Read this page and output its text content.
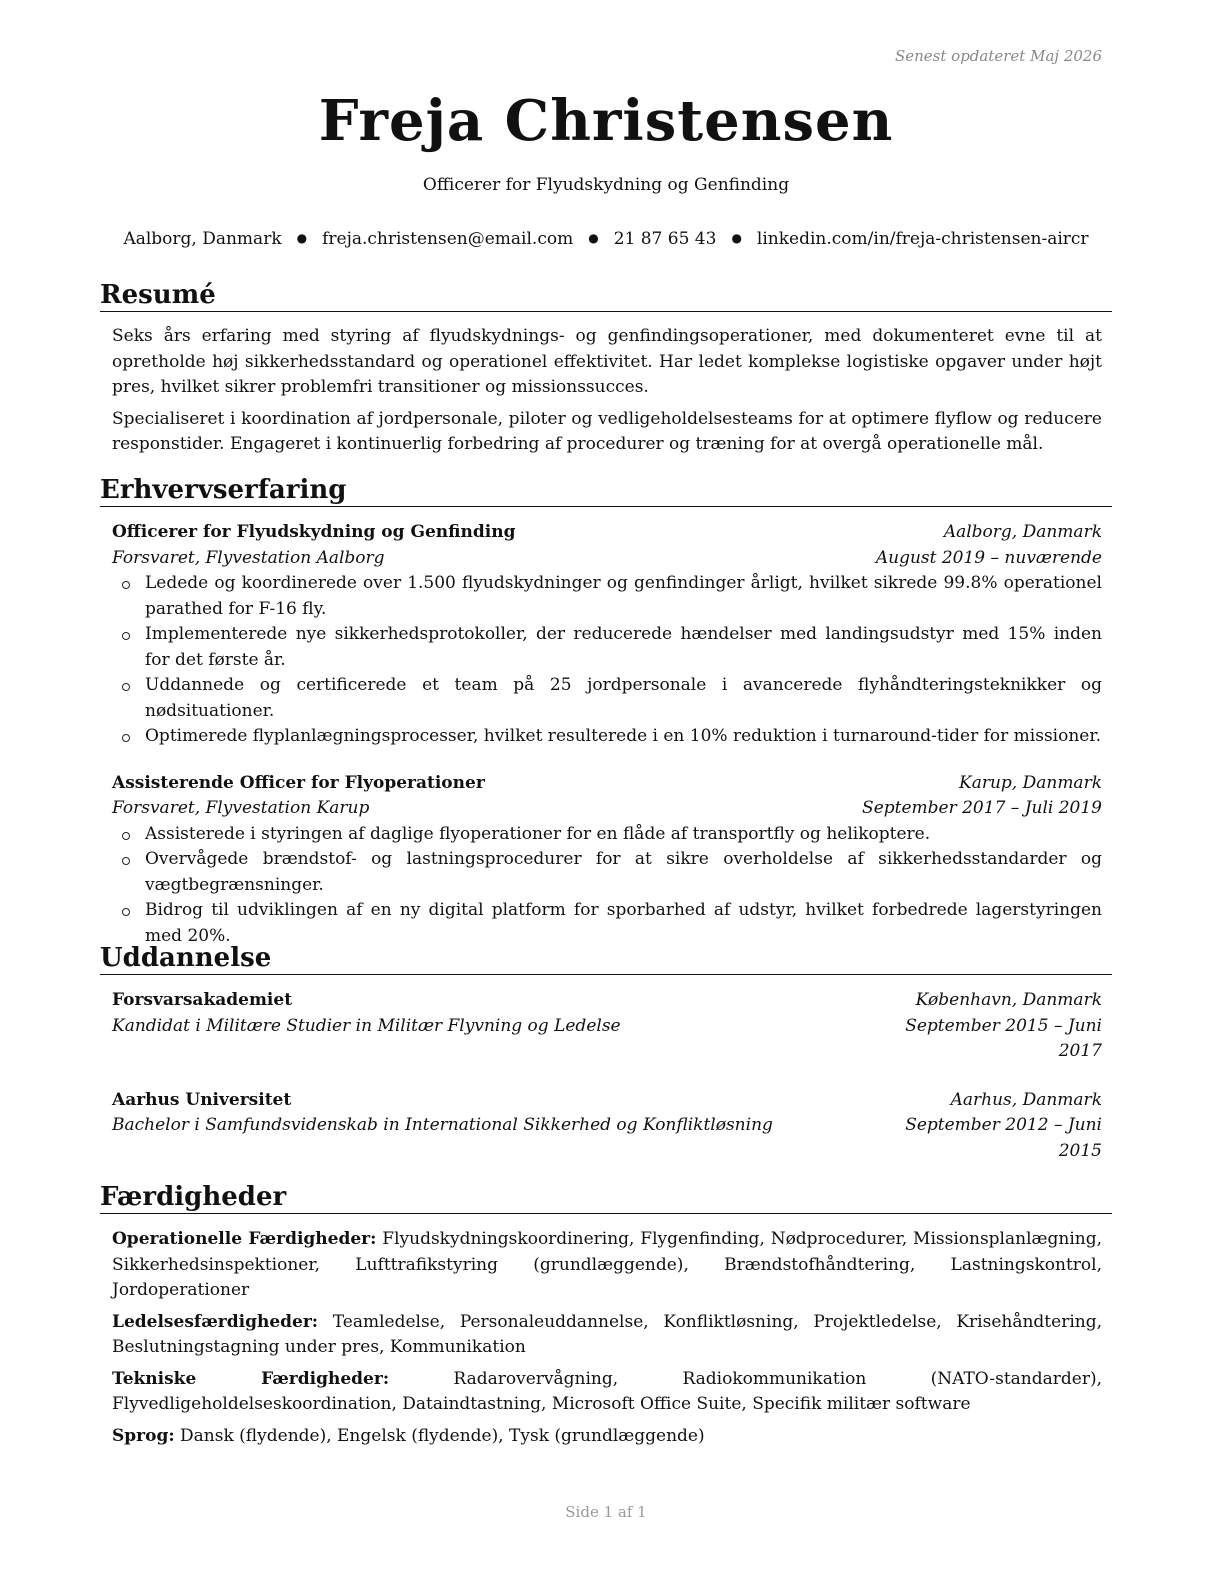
Senest opdateret Maj 2026
Freja Christensen
Officerer for Flyudskydning og Genfinding
Aalborg, Danmark ● freja.christensen@email.com ● 21 87 65 43 ● linkedin.com/in/freja-christensen-aircr
Resumé

Seks års erfaring med styring af flyudskydnings- og genfindingsoperationer, med dokumenteret evne til at opretholde høj sikkerhedsstandard og operationel effektivitet. Har ledet komplekse logistiske opgaver under højt pres, hvilket sikrer problemfri transitioner og missionssucces.

Specialiseret i koordination af jordpersonale, piloter og vedligeholdelsesteams for at optimere flyflow og reducere responstider. Engageret i kontinuerlig forbedring af procedurer og træning for at overgå operationelle mål.

Erhvervserfaring
Officerer for Flyudskydning og Genfinding	Aalborg, Danmark
Forsvaret, Flyvestation Aalborg	August 2019 – nuværende
Ledede og koordinerede over 1.500 flyudskydninger og genfindinger årligt, hvilket sikrede 99.8% operationel parathed for F-16 fly.
Implementerede nye sikkerhedsprotokoller, der reducerede hændelser med landingsudstyr med 15% inden for det første år.
Uddannede og certificerede et team på 25 jordpersonale i avancerede flyhåndteringsteknikker og nødsituationer.
Optimerede flyplanlægningsprocesser, hvilket resulterede i en 10% reduktion i turnaround-tider for missioner.
Assisterende Officer for Flyoperationer	Karup, Danmark
Forsvaret, Flyvestation Karup	September 2017 – Juli 2019
Assisterede i styringen af daglige flyoperationer for en flåde af transportfly og helikoptere.
Overvågede brændstof- og lastningsprocedurer for at sikre overholdelse af sikkerhedsstandarder og vægtbegrænsninger.
Bidrog til udviklingen af en ny digital platform for sporbarhed af udstyr, hvilket forbedrede lagerstyringen med 20%.
Uddannelse
Forsvarsakademiet	København, Danmark
Kandidat i Militære Studier in Militær Flyvning og Ledelse	September 2015 – Juni 2017
Aarhus Universitet	Aarhus, Danmark
Bachelor i Samfundsvidenskab in International Sikkerhed og Konfliktløsning	September 2012 – Juni 2015
Færdigheder
Operationelle Færdigheder: Flyudskydningskoordinering, Flygenfinding, Nødprocedurer, Missionsplanlægning, Sikkerhedsinspektioner, Lufttrafikstyring (grundlæggende), Brændstofhåndtering, Lastningskontrol, Jordoperationer
Ledelsesfærdigheder: Teamledelse, Personaleuddannelse, Konfliktløsning, Projektledelse, Krisehåndtering, Beslutningstagning under pres, Kommunikation
Tekniske Færdigheder:	Radarovervågning, Radiokommunikation (NATO-standarder), Flyvedligeholdelseskoordination, Dataindtastning, Microsoft Office Suite, Specifik militær software
Sprog: Dansk (flydende), Engelsk (flydende), Tysk (grundlæggende)
Side 1 af 1
